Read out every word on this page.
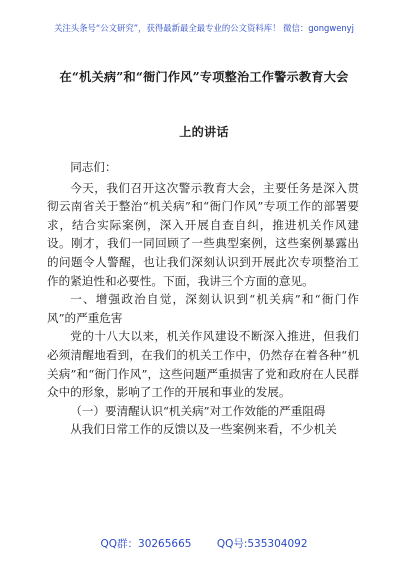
关注头条号“公文研究”，获得最新最全最专业的公文资料库！ 微信：gongwenyj
在“机关病”和“衙门作风”专项整治工作警示教育大会
上的讲话

同志们：

今天，我们召开这次警示教育大会，主要任务是深入贯彻云南省关于整治“机关病”和“衙门作风”专项工作的部署要求，结合实际案例，深入开展自查自纠，推进机关作风建设。刚才，我们一同回顾了一些典型案例，这些案例暴露出的问题令人警醒，也让我们深刻认识到开展此次专项整治工作的紧迫性和必要性。下面，我讲三个方面的意见。

一、增强政治自觉，深刻认识到“机关病”和“衙门作风”的严重危害

党的十八大以来，机关作风建设不断深入推进，但我们必须清醒地看到，在我们的机关工作中，仍然存在着各种“机关病”和“衙门作风”，这些问题严重损害了党和政府在人民群众中的形象，影响了工作的开展和事业的发展。

（一）要清醒认识“机关病”对工作效能的严重阻碍

从我们日常工作的反馈以及一些案例来看，不少机关

QQ群：30265665 QQ号:535304092
